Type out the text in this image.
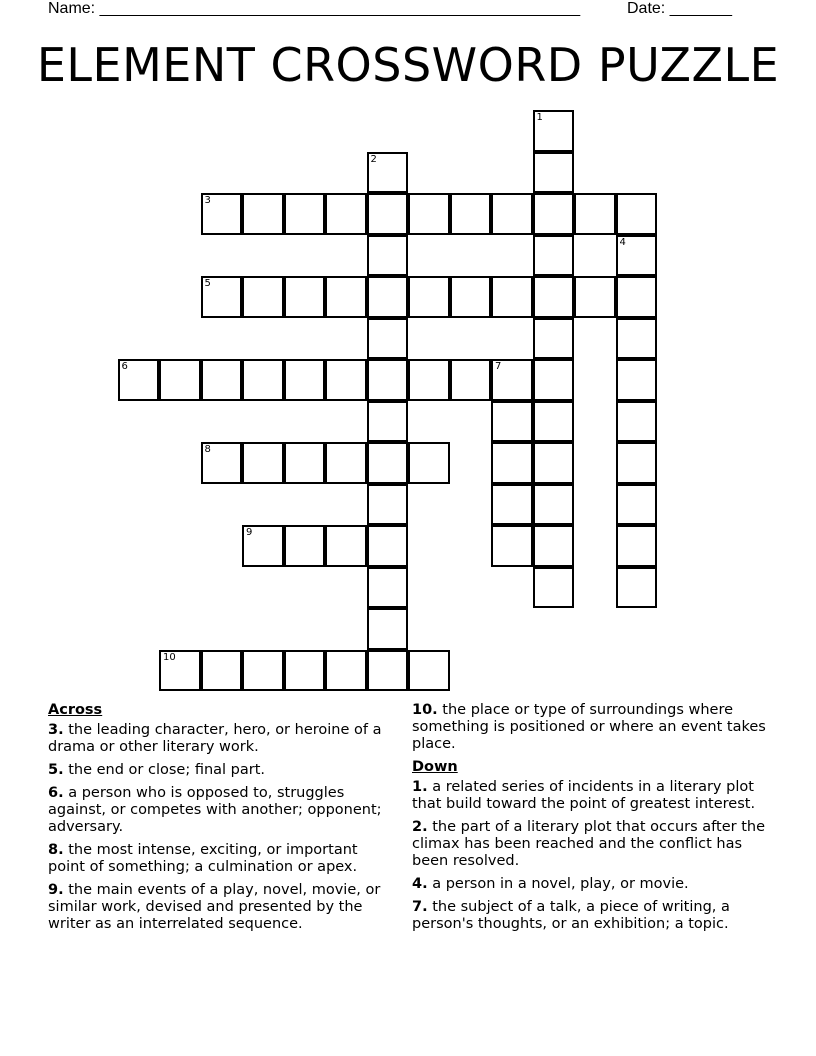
Name: ______________________________________________________	Date: _______
ELEMENT CROSSWORD PUZZLE
1
2
3
4
5
6	7
8
9
10
Across
3. the leading character, hero, or heroine of a drama or other literary work.
5. the end or close; final part.
6. a person who is opposed to, struggles against, or competes with another; opponent; adversary.
8. the most intense, exciting, or important point of something; a culmination or apex.
9. the main events of a play, novel, movie, or similar work, devised and presented by the writer as an interrelated sequence.
10. the place or type of surroundings where something is positioned or where an event takes place.
Down
1. a related series of incidents in a literary plot that build toward the point of greatest interest.
2. the part of a literary plot that occurs after the climax has been reached and the conflict has been resolved.
4. a person in a novel, play, or movie.
7. the subject of a talk, a piece of writing, a person's thoughts, or an exhibition; a topic.
